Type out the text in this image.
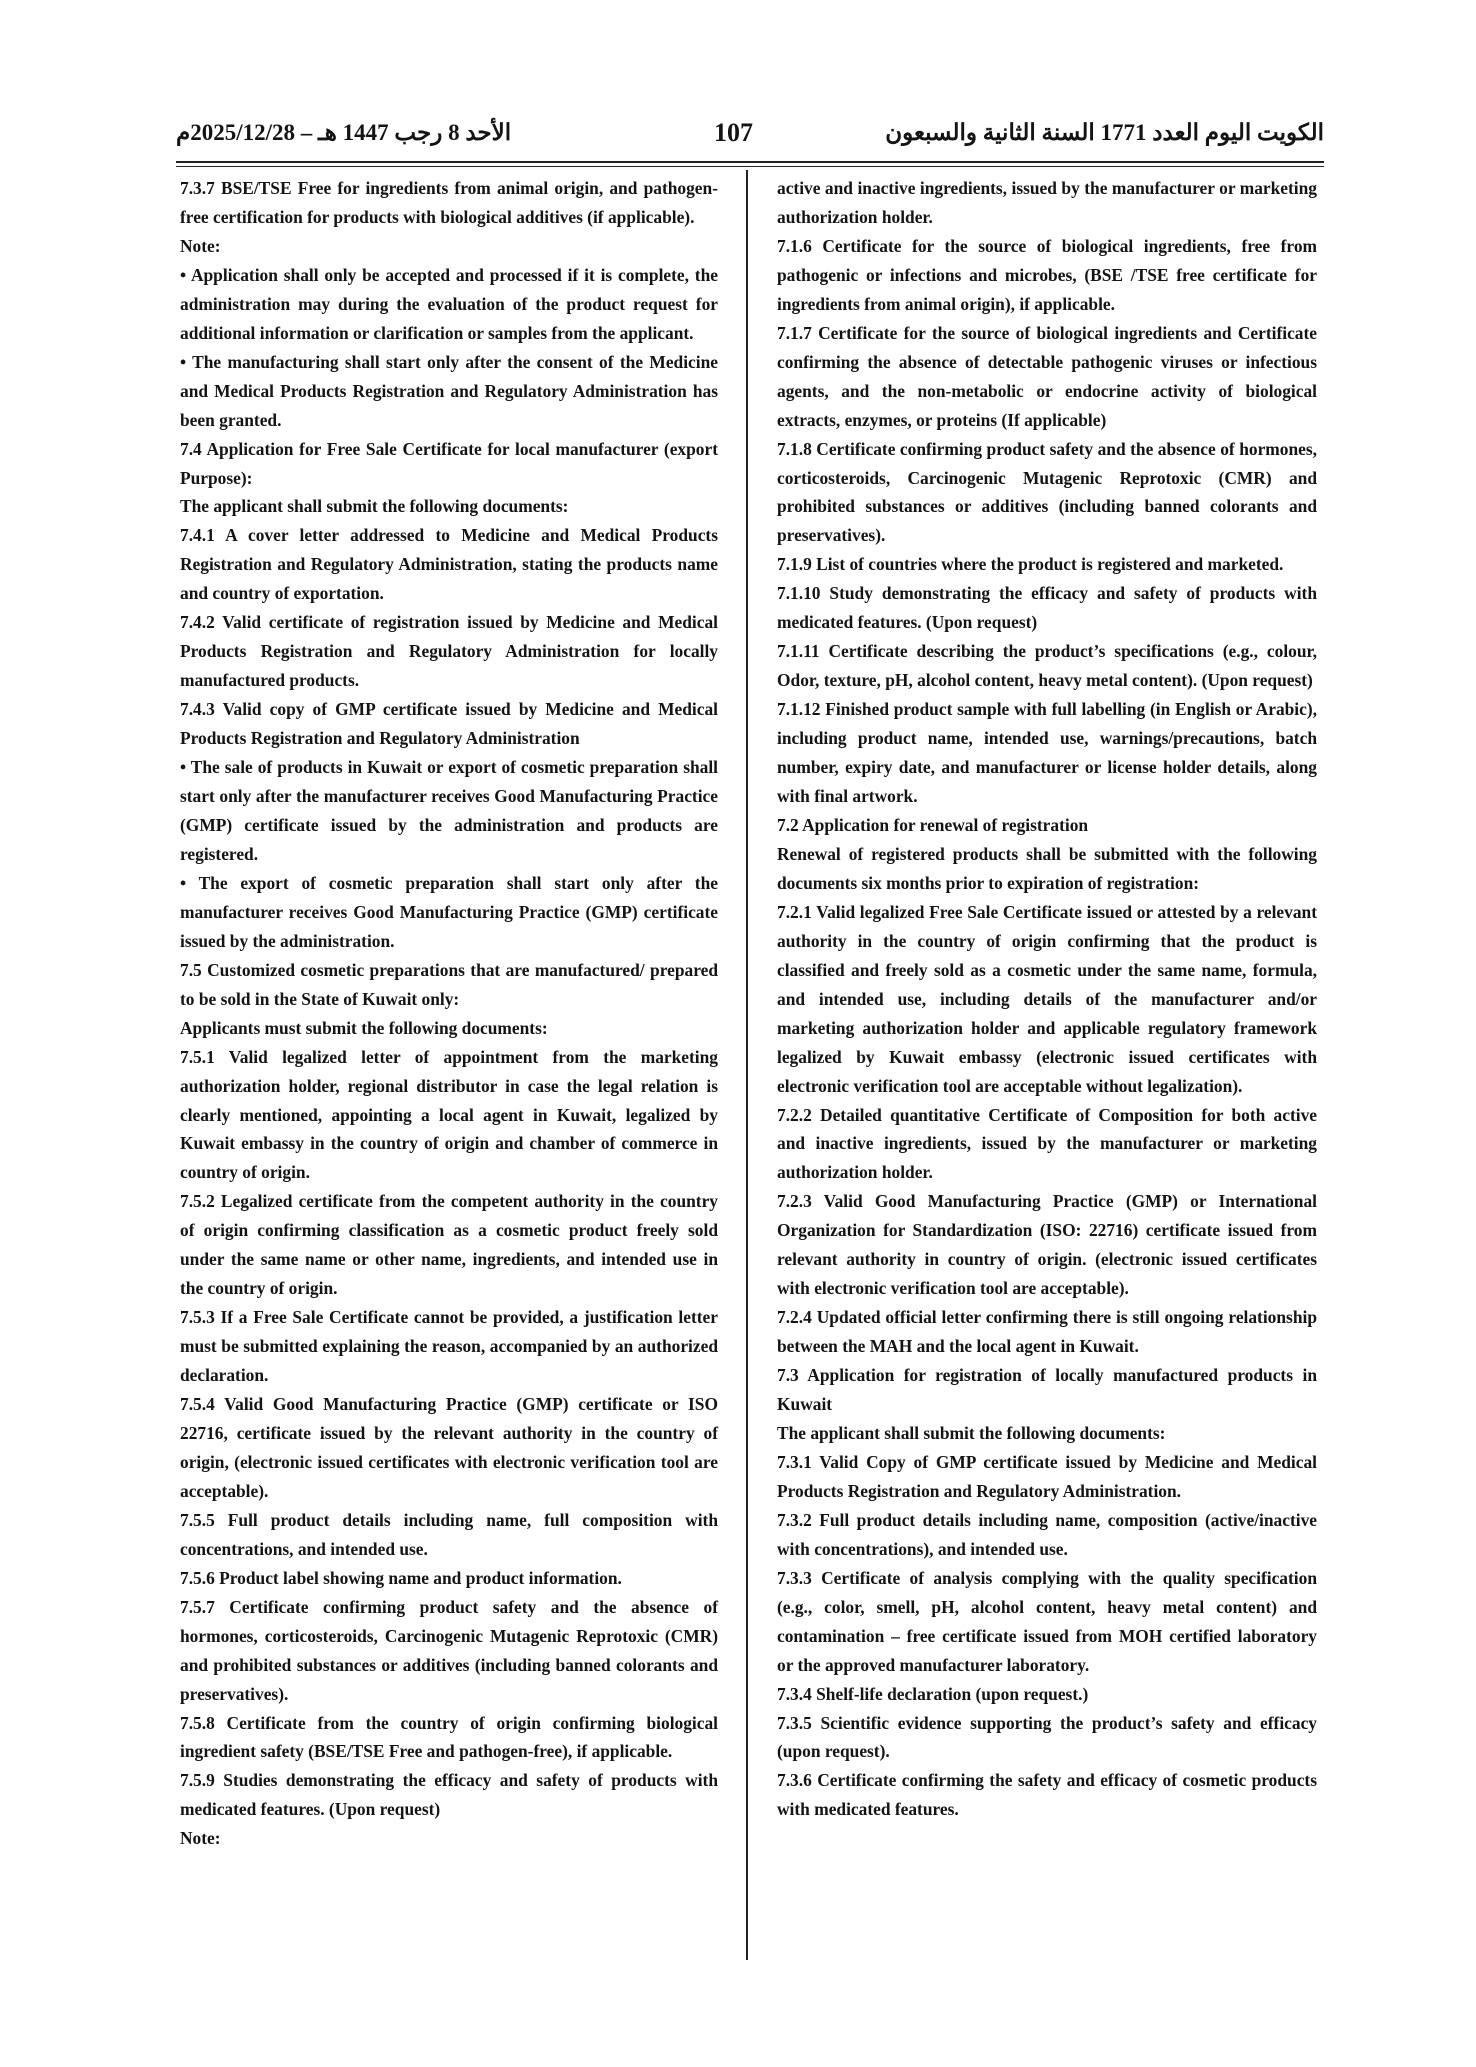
الأحد 8 رجب 1447 هـ – 2025/12/28م	107	الكويت اليوم العدد 1771 السنة الثانية والسبعون

7.3.7 BSE/TSE Free for ingredients from animal origin, and pathogen-free certification for products with biological additives (if applicable).

Note:

• Application shall only be accepted and processed if it is complete, the administration may during the evaluation of the product request for additional information or clarification or samples from the applicant.

• The manufacturing shall start only after the consent of the Medicine and Medical Products Registration and Regulatory Administration has been granted.

7.4 Application for Free Sale Certificate for local manufacturer (export Purpose):

The applicant shall submit the following documents:

7.4.1 A cover letter addressed to Medicine and Medical Products Registration and Regulatory Administration, stating the products name and country of exportation.

7.4.2 Valid certificate of registration issued by Medicine and Medical Products Registration and Regulatory Administration for locally manufactured products.

7.4.3 Valid copy of GMP certificate issued by Medicine and Medical Products Registration and Regulatory Administration

• The sale of products in Kuwait or export of cosmetic preparation shall start only after the manufacturer receives Good Manufacturing Practice (GMP) certificate issued by the administration and products are registered.

• The export of cosmetic preparation shall start only after the manufacturer receives Good Manufacturing Practice (GMP) certificate issued by the administration.

7.5 Customized cosmetic preparations that are manufactured/ prepared to be sold in the State of Kuwait only:

Applicants must submit the following documents:

7.5.1 Valid legalized letter of appointment from the marketing authorization holder, regional distributor in case the legal relation is clearly mentioned, appointing a local agent in Kuwait, legalized by Kuwait embassy in the country of origin and chamber of commerce in country of origin.

7.5.2 Legalized certificate from the competent authority in the country of origin confirming classification as a cosmetic product freely sold under the same name or other name, ingredients, and intended use in the country of origin.

7.5.3 If a Free Sale Certificate cannot be provided, a justification letter must be submitted explaining the reason, accompanied by an authorized declaration.

7.5.4 Valid Good Manufacturing Practice (GMP) certificate or ISO 22716, certificate issued by the relevant authority in the country of origin, (electronic issued certificates with electronic verification tool are acceptable).

7.5.5 Full product details including name, full composition with concentrations, and intended use.

7.5.6 Product label showing name and product information.

7.5.7 Certificate confirming product safety and the absence of hormones, corticosteroids, Carcinogenic Mutagenic Reprotoxic (CMR) and prohibited substances or additives (including banned colorants and preservatives).

7.5.8 Certificate from the country of origin confirming biological ingredient safety (BSE/TSE Free and pathogen-free), if applicable.

7.5.9 Studies demonstrating the efficacy and safety of products with medicated features. (Upon request)

Note:

active and inactive ingredients, issued by the manufacturer or marketing authorization holder.

7.1.6 Certificate for the source of biological ingredients, free from pathogenic or infections and microbes, (BSE /TSE free certificate for ingredients from animal origin), if applicable.

7.1.7 Certificate for the source of biological ingredients and Certificate confirming the absence of detectable pathogenic viruses or infectious agents, and the non-metabolic or endocrine activity of biological extracts, enzymes, or proteins (If applicable)

7.1.8 Certificate confirming product safety and the absence of hormones, corticosteroids, Carcinogenic Mutagenic Reprotoxic (CMR) and prohibited substances or additives (including banned colorants and preservatives).

7.1.9 List of countries where the product is registered and marketed.

7.1.10 Study demonstrating the efficacy and safety of products with medicated features. (Upon request)

7.1.11 Certificate describing the product’s specifications (e.g., colour, Odor, texture, pH, alcohol content, heavy metal content). (Upon request)

7.1.12 Finished product sample with full labelling (in English or Arabic), including product name, intended use, warnings/precautions, batch number, expiry date, and manufacturer or license holder details, along with final artwork.

7.2 Application for renewal of registration

Renewal of registered products shall be submitted with the following documents six months prior to expiration of registration:

7.2.1 Valid legalized Free Sale Certificate issued or attested by a relevant authority in the country of origin confirming that the product is classified and freely sold as a cosmetic under the same name, formula, and intended use, including details of the manufacturer and/or marketing authorization holder and applicable regulatory framework legalized by Kuwait embassy (electronic issued certificates with electronic verification tool are acceptable without legalization).

7.2.2 Detailed quantitative Certificate of Composition for both active and inactive ingredients, issued by the manufacturer or marketing authorization holder.

7.2.3 Valid Good Manufacturing Practice (GMP) or International Organization for Standardization (ISO: 22716) certificate issued from relevant authority in country of origin. (electronic issued certificates with electronic verification tool are acceptable).

7.2.4 Updated official letter confirming there is still ongoing relationship between the MAH and the local agent in Kuwait.

7.3 Application for registration of locally manufactured products in Kuwait

The applicant shall submit the following documents:

7.3.1 Valid Copy of GMP certificate issued by Medicine and Medical Products Registration and Regulatory Administration.

7.3.2 Full product details including name, composition (active/inactive with concentrations), and intended use.

7.3.3 Certificate of analysis complying with the quality specification (e.g., color, smell, pH, alcohol content, heavy metal content) and contamination – free certificate issued from MOH certified laboratory or the approved manufacturer laboratory.

7.3.4 Shelf-life declaration (upon request.)

7.3.5 Scientific evidence supporting the product’s safety and efficacy (upon request).

7.3.6 Certificate confirming the safety and efficacy of cosmetic products with medicated features.
